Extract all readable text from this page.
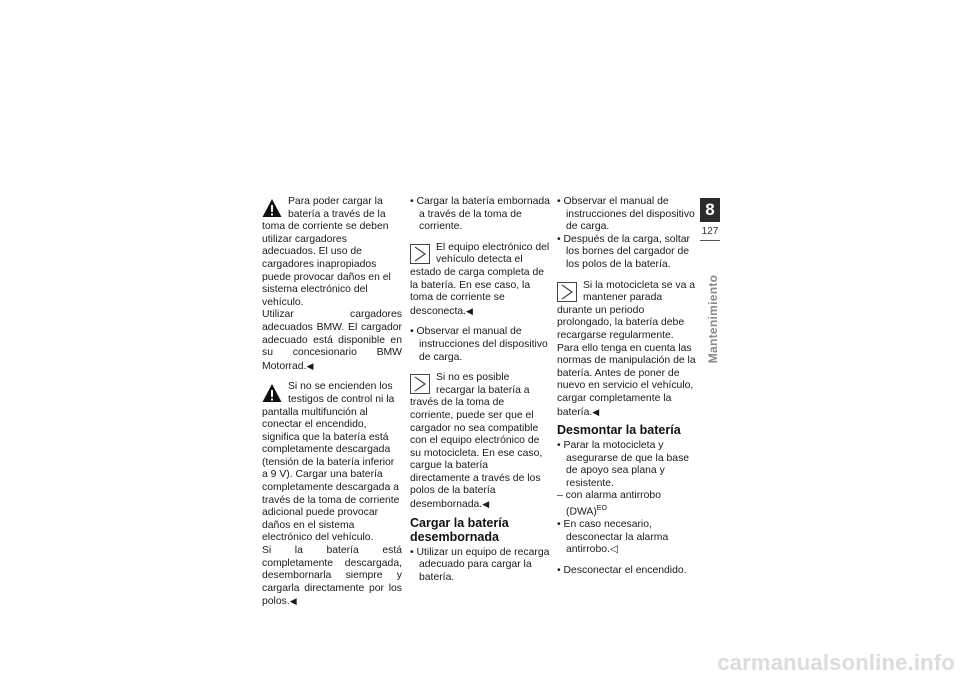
Para poder cargar la batería a través de la toma de corriente se deben utilizar cargadores adecuados. El uso de cargadores inapropiados puede provocar daños en el sistema electrónico del vehículo.

Utilizar cargadores adecuados BMW. El cargador adecuado está disponible en su concesionario BMW Motorrad.◀

Si no se encienden los testigos de control ni la pantalla multifunción al conectar el encendido, significa que la batería está completamente descargada (tensión de la batería inferior a 9 V). Cargar una batería completamente descargada a través de la toma de corriente adicional puede provocar daños en el sistema electrónico del vehículo.

Si la batería está completamente descargada, desembornarla siempre y cargarla directamente por los polos.◀

• Cargar la batería embornada a través de la toma de corriente.

El equipo electrónico del vehículo detecta el estado de carga completa de la batería. En ese caso, la toma de corriente se desconecta.◀

• Observar el manual de instrucciones del dispositivo de carga.

Si no es posible recargar la batería a través de la toma de corriente, puede ser que el cargador no sea compatible con el equipo electrónico de su motocicleta. En ese caso, cargue la batería directamente a través de los polos de la batería desembornada.◀

Cargar la batería desembornada

• Utilizar un equipo de recarga adecuado para cargar la batería.

• Observar el manual de instrucciones del dispositivo de carga.

• Después de la carga, soltar los bornes del cargador de los polos de la batería.

Si la motocicleta se va a mantener parada durante un periodo prolongado, la batería debe recargarse regularmente. Para ello tenga en cuenta las normas de manipulación de la batería. Antes de poner de nuevo en servicio el vehículo, cargar completamente la batería.◀

Desmontar la batería

• Parar la motocicleta y asegurarse de que la base de apoyo sea plana y resistente.

– con alarma antirrobo (DWA)$^{EO}$

• En caso necesario, desconectar la alarma antirrobo.◁

• Desconectar el encendido.

8
127
Mantenimiento
carmanualsonline.info
